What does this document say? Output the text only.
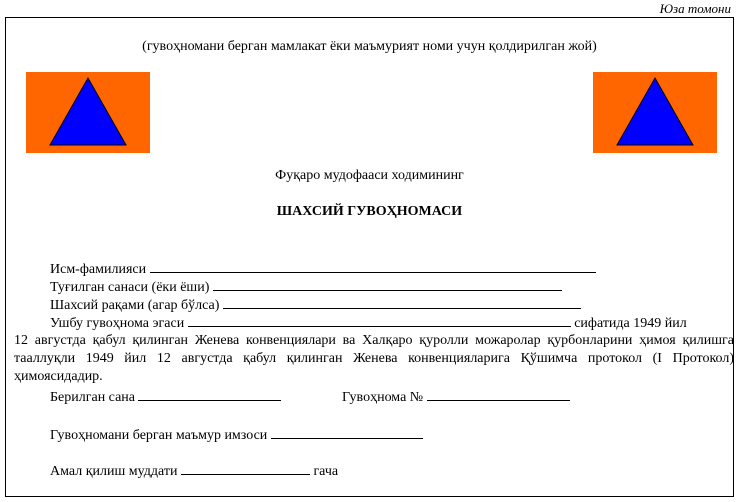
Юза томони
(гувоҳномани берган мамлакат ёки маъмурият номи учун қолдирилган жой)
Фуқаро мудофааси ходимининг
ШАХСИЙ ГУВОҲНОМАСИ
Исм-фамилияси
Туғилган санаси (ёки ёши)
Шахсий рақами (агар бўлса)
Ушбу гувоҳнома эгаси	сифатида 1949 йил
12 августда қабул қилинган Женева конвенциялари ва Халқаро қуролли можаролар қурбонларини ҳимоя қилишга тааллуқли 1949 йил 12 августда қабул қилинган Женева конвенцияларига Қўшимча протокол (I Протокол) ҳимоясидадир.
Берилган сана	Гувоҳнома №
Гувоҳномани берган маъмур имзоси
Амал қилиш муддати	гача
